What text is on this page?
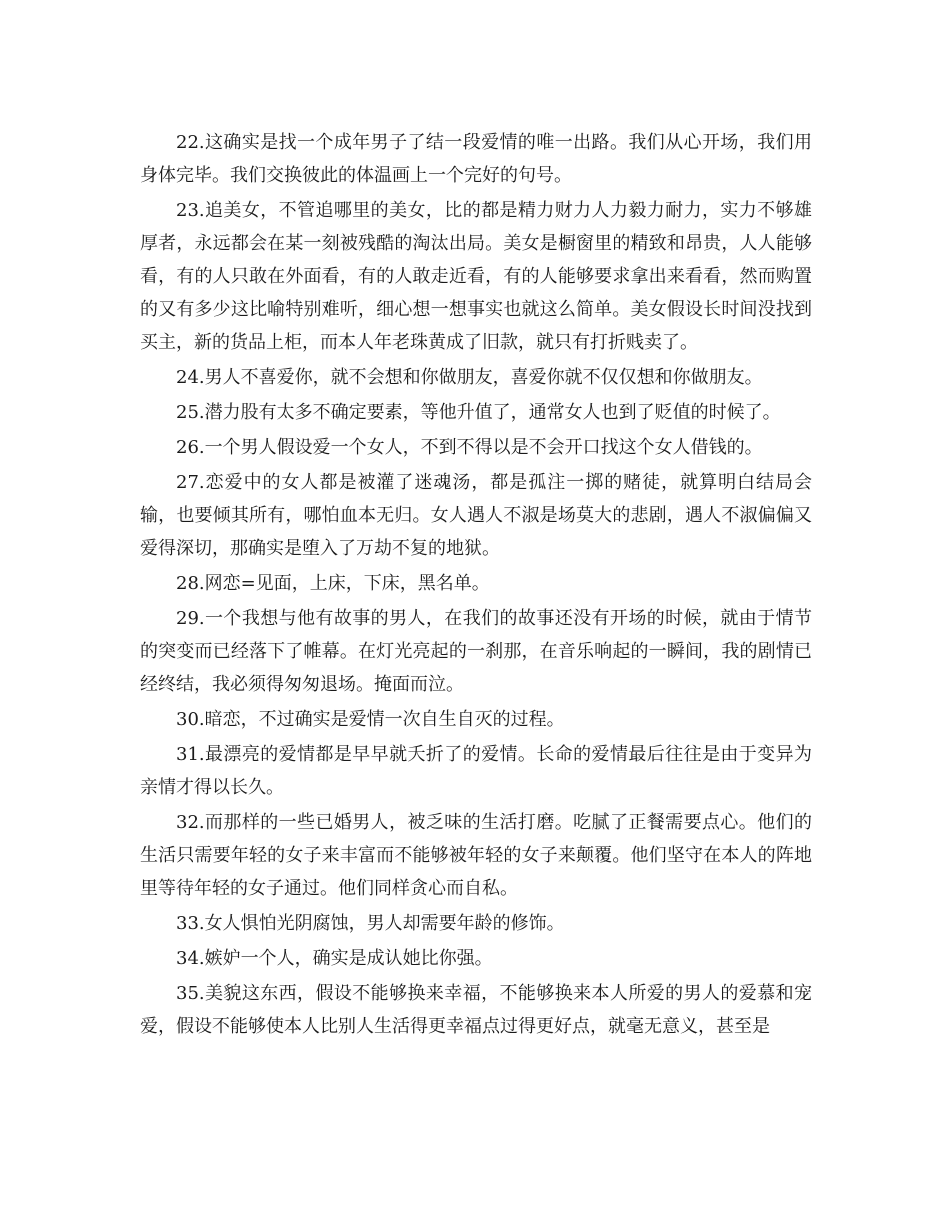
22.这确实是找一个成年男子了结一段爱情的唯一出路。我们从心开场，我们用身体完毕。我们交换彼此的体温画上一个完好的句号。

23.追美女，不管追哪里的美女，比的都是精力财力人力毅力耐力，实力不够雄厚者，永远都会在某一刻被残酷的淘汰出局。美女是橱窗里的精致和昂贵，人人能够看，有的人只敢在外面看，有的人敢走近看，有的人能够要求拿出来看看，然而购置的又有多少这比喻特别难听，细心想一想事实也就这么简单。美女假设长时间没找到买主，新的货品上柜，而本人年老珠黄成了旧款，就只有打折贱卖了。

24.男人不喜爱你，就不会想和你做朋友，喜爱你就不仅仅想和你做朋友。

25.潜力股有太多不确定要素，等他升值了，通常女人也到了贬值的时候了。

26.一个男人假设爱一个女人，不到不得以是不会开口找这个女人借钱的。

27.恋爱中的女人都是被灌了迷魂汤，都是孤注一掷的赌徒，就算明白结局会输，也要倾其所有，哪怕血本无归。女人遇人不淑是场莫大的悲剧，遇人不淑偏偏又爱得深切，那确实是堕入了万劫不复的地狱。

28.网恋=见面，上床，下床，黑名单。

29.一个我想与他有故事的男人，在我们的故事还没有开场的时候，就由于情节的突变而已经落下了帷幕。在灯光亮起的一刹那，在音乐响起的一瞬间，我的剧情已经终结，我必须得匆匆退场。掩面而泣。

30.暗恋，不过确实是爱情一次自生自灭的过程。

31.最漂亮的爱情都是早早就夭折了的爱情。长命的爱情最后往往是由于变异为亲情才得以长久。

32.而那样的一些已婚男人，被乏味的生活打磨。吃腻了正餐需要点心。他们的生活只需要年轻的女子来丰富而不能够被年轻的女子来颠覆。他们坚守在本人的阵地里等待年轻的女子通过。他们同样贪心而自私。

33.女人惧怕光阴腐蚀，男人却需要年龄的修饰。

34.嫉妒一个人，确实是成认她比你强。

35.美貌这东西，假设不能够换来幸福，不能够换来本人所爱的男人的爱慕和宠爱，假设不能够使本人比别人生活得更幸福点过得更好点，就毫无意义，甚至是
